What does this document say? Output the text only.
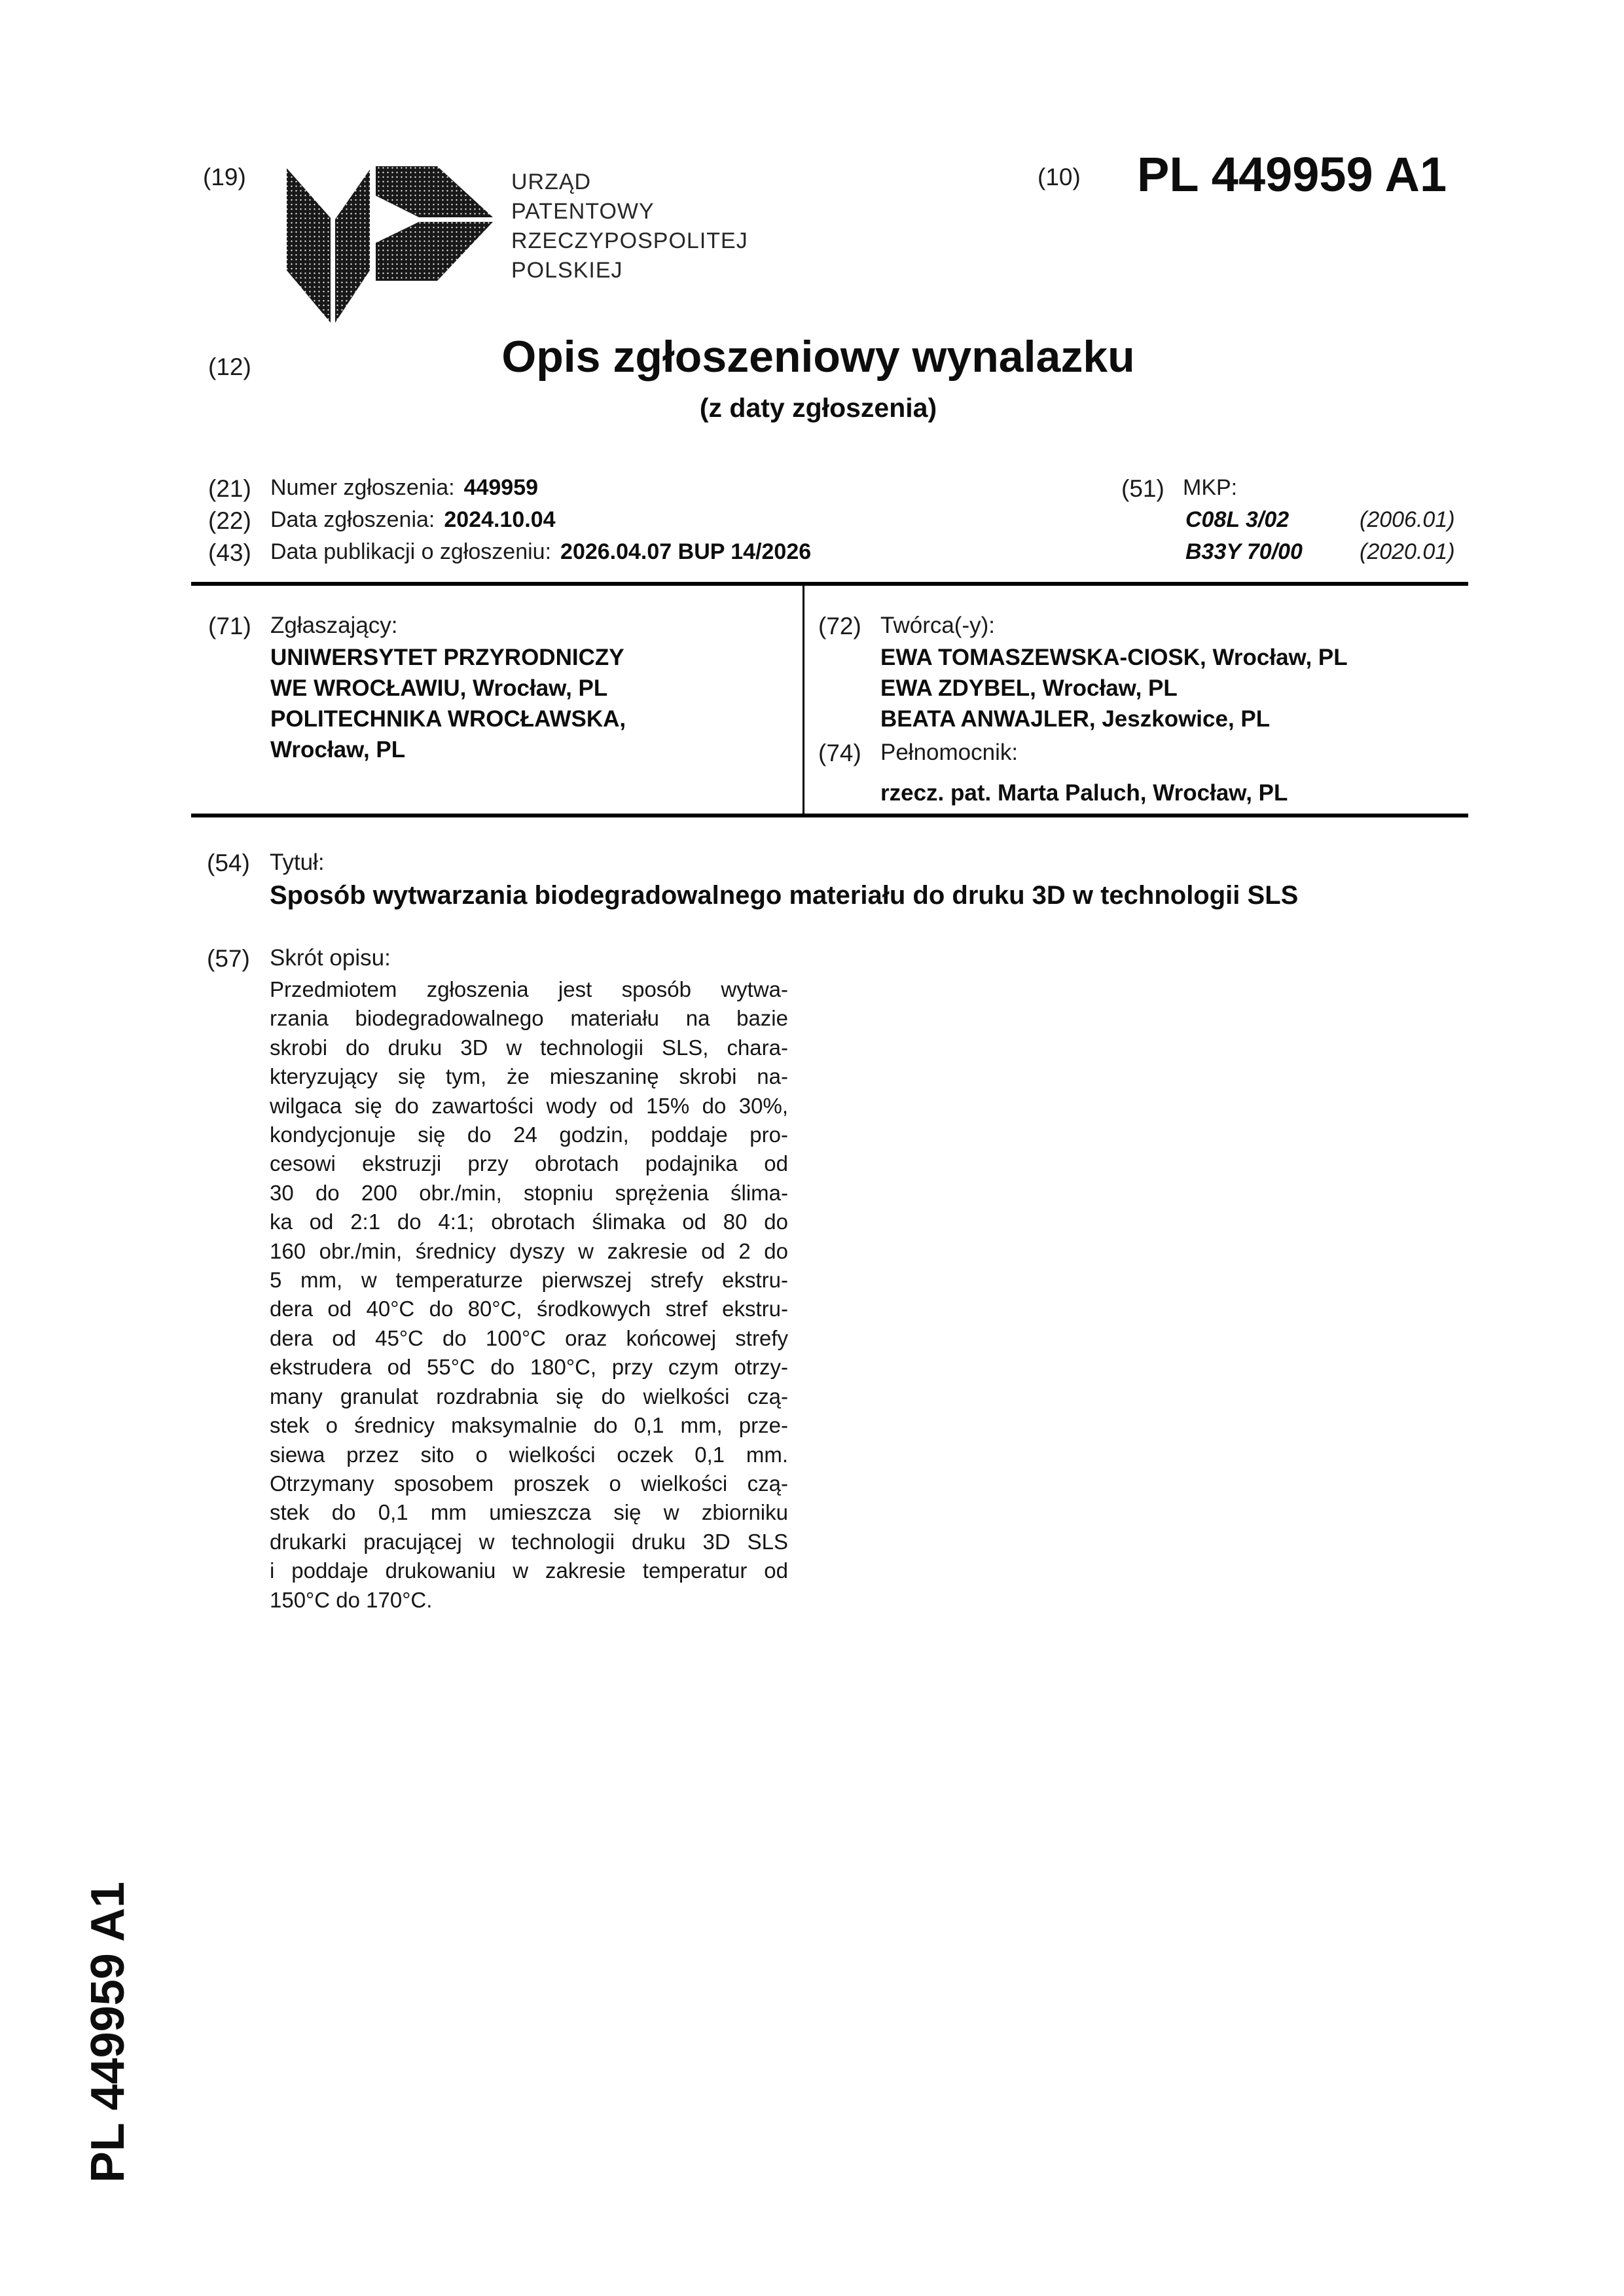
(19)	URZĄD
PATENTOWY
RZECZYPOSPOLITEJ
POLSKIEJ
(10) PL 449959 A1
(12)	Opis zgłoszeniowy wynalazku
(z daty zgłoszenia)
(21) Numer zgłoszenia: 449959
(22) Data zgłoszenia: 2024.10.04
(43) Data publikacji o zgłoszeniu: 2026.04.07 BUP 14/2026
(51) MKP:
C08L 3/02	(2006.01)
B33Y 70/00	(2020.01)
(71) Zgłaszający:
UNIWERSYTET PRZYRODNICZY
WE WROCŁAWIU, Wrocław, PL
POLITECHNIKA WROCŁAWSKA,
Wrocław, PL
(72) Twórca(-y):
EWA TOMASZEWSKA-CIOSK, Wrocław, PL
EWA ZDYBEL, Wrocław, PL
BEATA ANWAJLER, Jeszkowice, PL
(74) Pełnomocnik:
rzecz. pat. Marta Paluch, Wrocław, PL
(54) Tytuł:
Sposób wytwarzania biodegradowalnego materiału do druku 3D w technologii SLS
(57) Skrót opisu:
Przedmiotem zgłoszenia jest sposób wytwa-
rzania biodegradowalnego materiału na bazie
skrobi do druku 3D w technologii SLS, chara-
kteryzujący się tym, że mieszaninę skrobi na-
wilgaca się do zawartości wody od 15% do 30%,
kondycjonuje się do 24 godzin, poddaje pro-
cesowi ekstruzji przy obrotach podajnika od
30 do 200 obr./min, stopniu sprężenia ślima-
ka od 2:1 do 4:1; obrotach ślimaka od 80 do
160 obr./min, średnicy dyszy w zakresie od 2 do
5 mm, w temperaturze pierwszej strefy ekstru-
dera od 40°C do 80°C, środkowych stref ekstru-
dera od 45°C do 100°C oraz końcowej strefy
ekstrudera od 55°C do 180°C, przy czym otrzy-
many granulat rozdrabnia się do wielkości czą-
stek o średnicy maksymalnie do 0,1 mm, prze-
siewa przez sito o wielkości oczek 0,1 mm.
Otrzymany sposobem proszek o wielkości czą-
stek do 0,1 mm umieszcza się w zbiorniku
drukarki pracującej w technologii druku 3D SLS
i poddaje drukowaniu w zakresie temperatur od
150°C do 170°C.
PL 449959 A1
